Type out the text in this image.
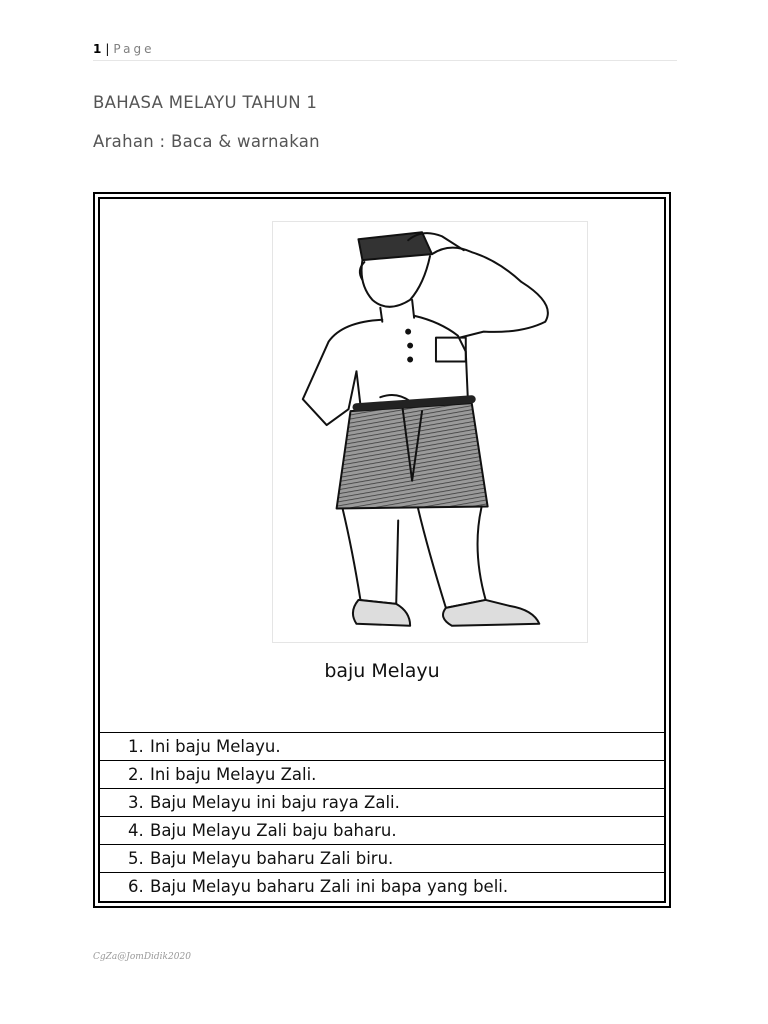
1 | Page
BAHASA MELAYU TAHUN 1
Arahan : Baca & warnakan
baju Melayu
1. Ini baju Melayu.
2. Ini baju Melayu Zali.
3. Baju Melayu ini baju raya Zali.
4. Baju Melayu Zali baju baharu.
5. Baju Melayu baharu Zali biru.
6. Baju Melayu baharu Zali ini bapa yang beli.
CgZa@JomDidik2020
